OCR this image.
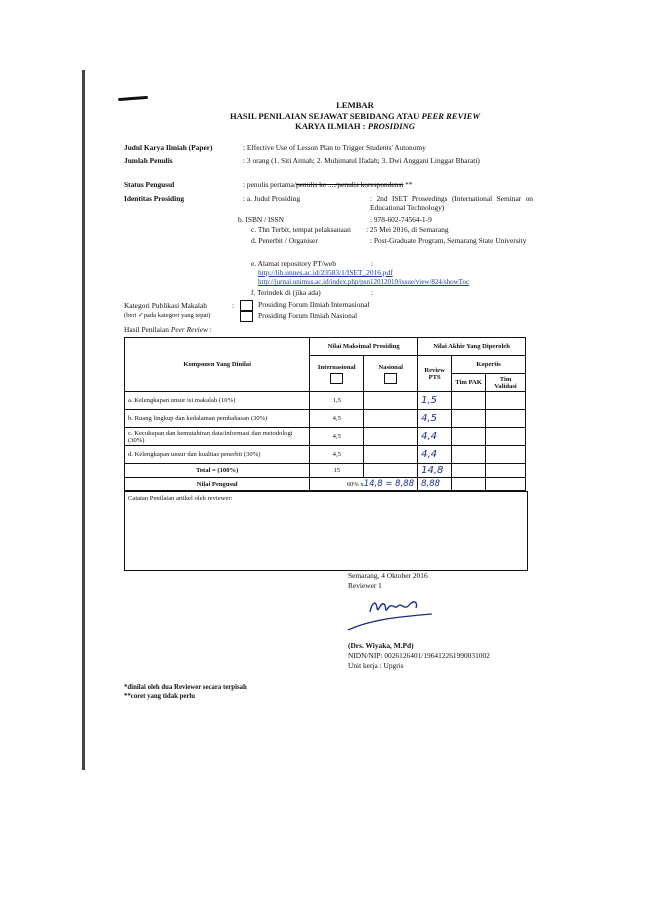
LEMBAR
HASIL PENILAIAN SEJAWAT SEBIDANG ATAU PEER REVIEW
KARYA ILMIAH : PROSIDING
Judul Karya Ilmiah (Paper)	: Effective Use of Lesson Plan to Trigger Students' Autonomy
Jumlah Penulis	: 3 orang (1. Siti Aimah; 2. Muhimatul Ifadah; 3. Dwi Anggani Linggar Bharati)
Status Pengusul	: penulis pertama/penulis ke ..../penulis korespondensi **
Identitas Prosiding	: a. Judul Prosiding	: 2nd ISET Proseedings (International Seminar on Educational Technology)
b. ISBN / ISSN	: 978-602-74564-1-9
c. Thn Terbit, tempat pelaksanaan : 25 Mei 2016, di Semarang
d. Penerbit / Organiser	: Post-Graduate Program, Semarang State University
e. Alamat repository PT/web	:
http://lib.unnes.ac.id/23583/1/ISET_2016.pdf
http://jurnal.unimus.ac.id/index.php/psn12012010/issue/view/824/showToc
f. Terindek di (jika ada)	:
Kategori Publikasi Makalah	:
(beri ✓pada kategori yang tepat)
Prosiding Forum Ilmiah Internasional
Prosiding Forum Ilmiah Nasional
Hasil Penilaian Peer Review :
Komponen Yang Dinilai	Nilai Maksimal Prosiding		Nilai Akhir Yang Diperoleh		

	Internasional	Nasional	Review PTS	Kopertis	
				Tim PAK	Tim Validasi
a. Kelengkapan unsur isi makalah (10%)	1,5		1,5		
b. Ruang lingkup dan kedalaman pembahasan (30%)	4,5		4,5		
c. Kecukupan dan kemutahiran data/informasi dan metodologi (30%)	4,5		4,4		
d. Kelengkapan unsur dan kualitas penerbit (30%)	4,5		4,4		
Total = (100%)	15		14,8		
Nilai Pengusul	60% x14,8 = 8,88		8,88		
Catatan Penilaian artikel oleh reviewer:
Semarang, 4 Oktober 2016
Reviewer 1
(Drs. Wiyaka, M.Pd)
NIDN/NIP: 0026126401/196412261990031002
Unit kerja : Upgris
*dinilai oleh dua Reviewer secara terpisah
**coret yang tidak perlu
